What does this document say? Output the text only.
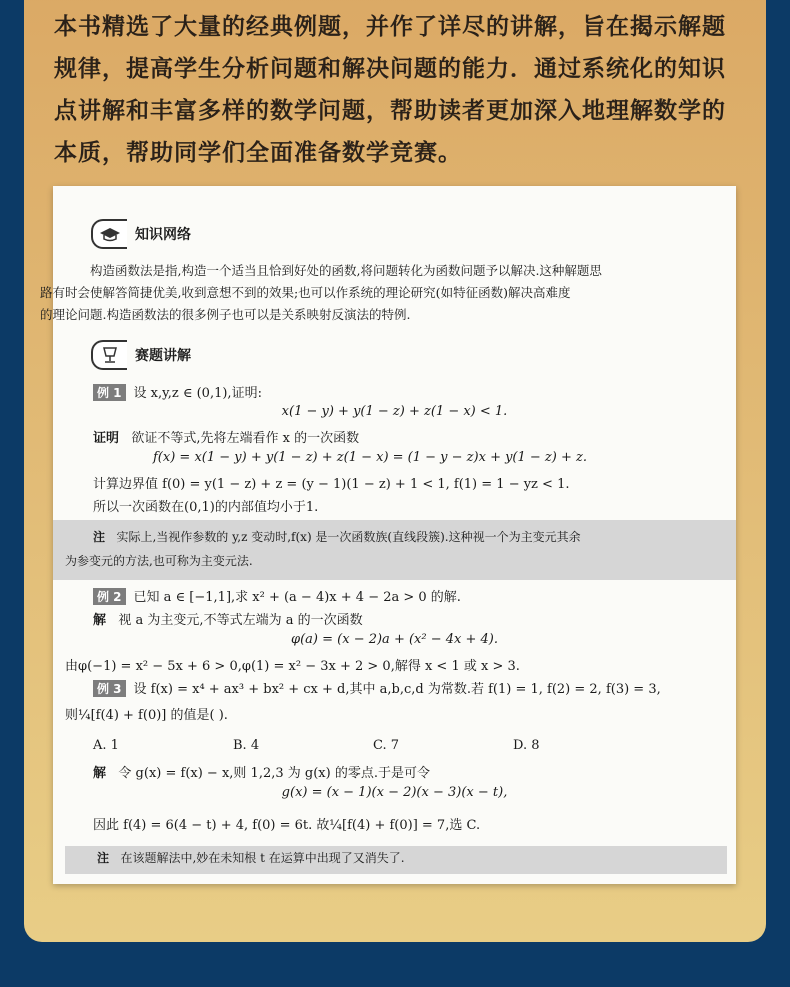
本书精选了大量的经典例题，并作了详尽的讲解，旨在揭示解题
规律，提高学生分析问题和解决问题的能力．通过系统化的知识
点讲解和丰富多样的数学问题，帮助读者更加深入地理解数学的
本质，帮助同学们全面准备数学竞赛。
知识网络
构造函数法是指,构造一个适当且恰到好处的函数,将问题转化为函数问题予以解决.这种解题思
路有时会使解答简捷优美,收到意想不到的效果;也可以作系统的理论研究(如特征函数)解决高难度
的理论问题.构造函数法的很多例子也可以是关系映射反演法的特例.
赛题讲解
例 1 设 x,y,z ∈ (0,1),证明:
x(1 − y) + y(1 − z) + z(1 − x) < 1.
证明 欲证不等式,先将左端看作 x 的一次函数
f(x) = x(1 − y) + y(1 − z) + z(1 − x) = (1 − y − z)x + y(1 − z) + z.
计算边界值 f(0) = y(1 − z) + z = (y − 1)(1 − z) + 1 < 1, f(1) = 1 − yz < 1.
所以一次函数在(0,1)的内部值均小于1.
注 实际上,当视作参数的 y,z 变动时,f(x) 是一次函数族(直线段簇).这种视一个为主变元其余
为参变元的方法,也可称为主变元法.
例 2 已知 a ∈ [−1,1],求 x² + (a − 4)x + 4 − 2a > 0 的解.
解 视 a 为主变元,不等式左端为 a 的一次函数
φ(a) = (x − 2)a + (x² − 4x + 4).
由φ(−1) = x² − 5x + 6 > 0,φ(1) = x² − 3x + 2 > 0,解得 x < 1 或 x > 3.
例 3 设 f(x) = x⁴ + ax³ + bx² + cx + d,其中 a,b,c,d 为常数.若 f(1) = 1, f(2) = 2, f(3) = 3,
则¼[f(4) + f(0)] 的值是( ).
A. 1	B. 4	C. 7	D. 8
解 令 g(x) = f(x) − x,则 1,2,3 为 g(x) 的零点.于是可令
g(x) = (x − 1)(x − 2)(x − 3)(x − t),
因此 f(4) = 6(4 − t) + 4, f(0) = 6t. 故¼[f(4) + f(0)] = 7,选 C.
注 在该题解法中,妙在未知根 t 在运算中出现了又消失了.
